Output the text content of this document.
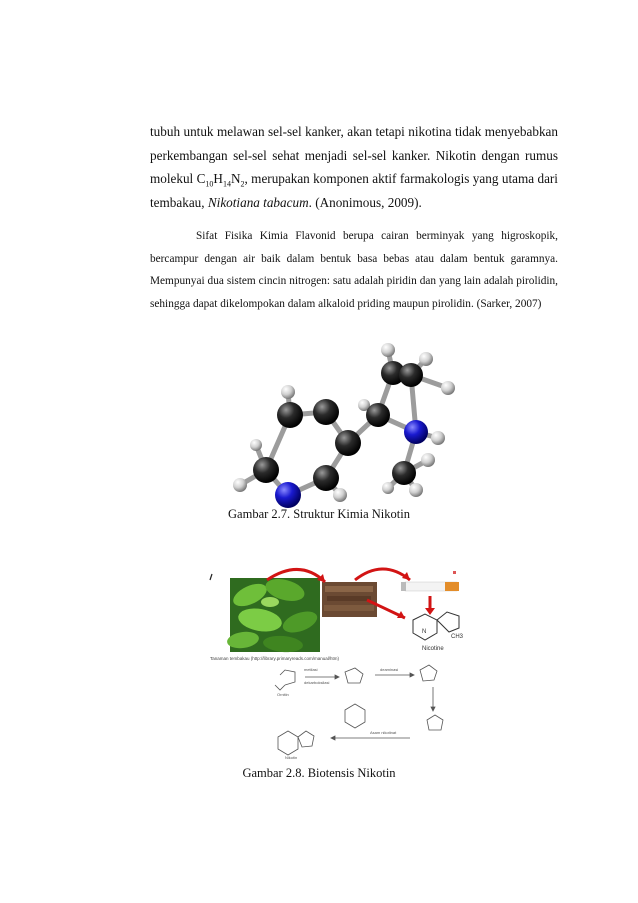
tubuh untuk melawan sel-sel kanker, akan tetapi nikotina tidak menyebabkan perkembangan sel-sel sehat menjadi sel-sel kanker. Nikotin dengan rumus molekul $C_{10}H_{14}N_2$, merupakan komponen aktif farmakologis yang utama dari tembakau, Nikotiana tabacum. (Anonimous, 2009).

Sifat Fisika Kimia Flavonid berupa cairan berminyak yang higroskopik, bercampur dengan air baik dalam bentuk basa bebas atau dalam bentuk garamnya. Mempunyai dua sistem cincin nitrogen: satu adalah piridin dan yang lain adalah pirolidin, sehingga dapat dikelompokan dalam alkaloid priding maupun pirolidin. (Sarker, 2007)

Gambar 2.7. Struktur Kimia Nikotin
N
CH3
Nicotine
Tanaman tembakau (http://library.primaryreads.com/manual/htm)
metilasi
dekarboksilasi
deaminasi
Ornitin
Asam nikotinat
Nikotin
Gambar 2.8. Biotensis Nikotin
